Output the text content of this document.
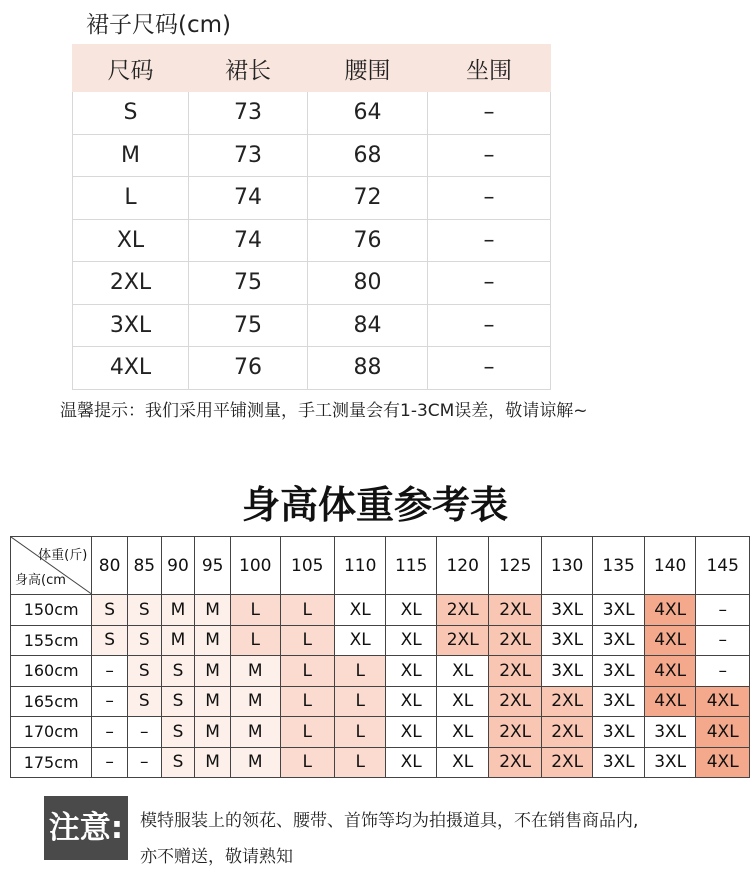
裙子尺码(cm)
尺码	裙长	腰围	坐围
S	73	64	–
M	73	68	–
L	74	72	–
XL	74	76	–
2XL	75	80	–
3XL	75	84	–
4XL	76	88	–
温馨提示：我们采用平铺测量，手工测量会有1-3CM误差，敬请谅解~
身高体重参考表
体重(斤)
身高(cm	80	85	90	95	100	105	110	115	120	125	130	135	140	145
150cm	S	S	M	M	L	L	XL	XL	2XL	2XL	3XL	3XL	4XL	–
155cm	S	S	M	M	L	L	XL	XL	2XL	2XL	3XL	3XL	4XL	–
160cm	–	S	S	M	M	L	L	XL	XL	2XL	3XL	3XL	4XL	–
165cm	–	S	S	M	M	L	L	XL	XL	2XL	2XL	3XL	4XL	4XL
170cm	–	–	S	M	M	L	L	XL	XL	2XL	2XL	3XL	3XL	4XL
175cm	–	–	S	M	M	L	L	XL	XL	2XL	2XL	3XL	3XL	4XL
注意: 模特服装上的领花、腰带、首饰等均为拍摄道具，不在销售商品内,
亦不赠送，敬请熟知
